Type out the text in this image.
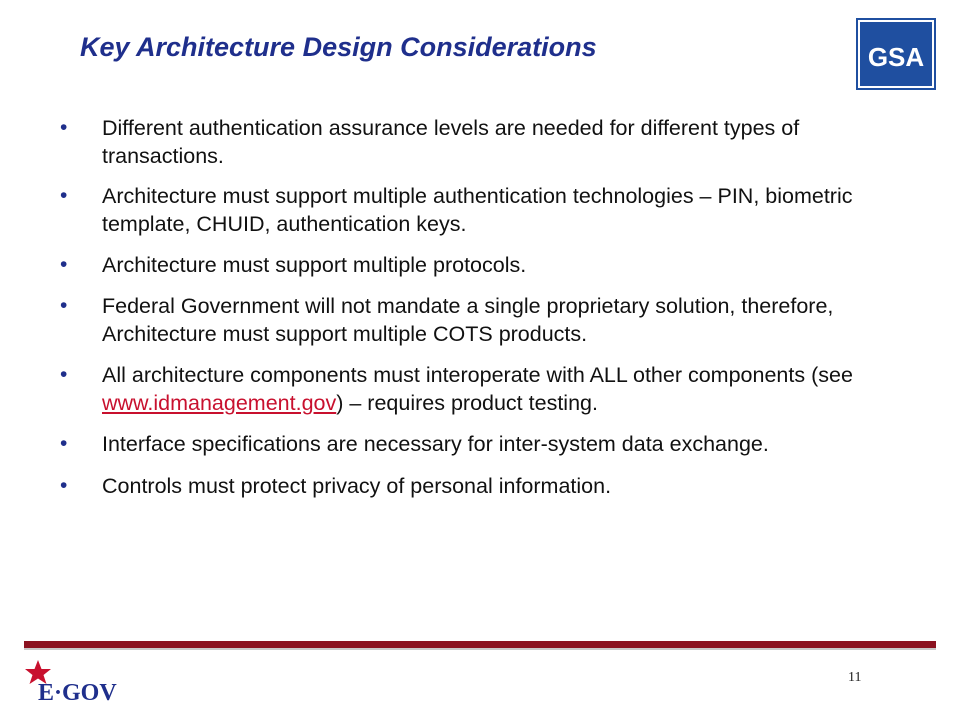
Key Architecture Design Considerations	GSA
• Different authentication assurance levels are needed for different types of transactions.
• Architecture must support multiple authentication technologies – PIN, biometric template, CHUID, authentication keys.
• Architecture must support multiple protocols.
• Federal Government will not mandate a single proprietary solution, therefore, Architecture must support multiple COTS products.
• All architecture components must interoperate with ALL other components (see www.idmanagement.gov) – requires product testing.
• Interface specifications are necessary for inter-system data exchange.
• Controls must protect privacy of personal information.
E·GOV
11
